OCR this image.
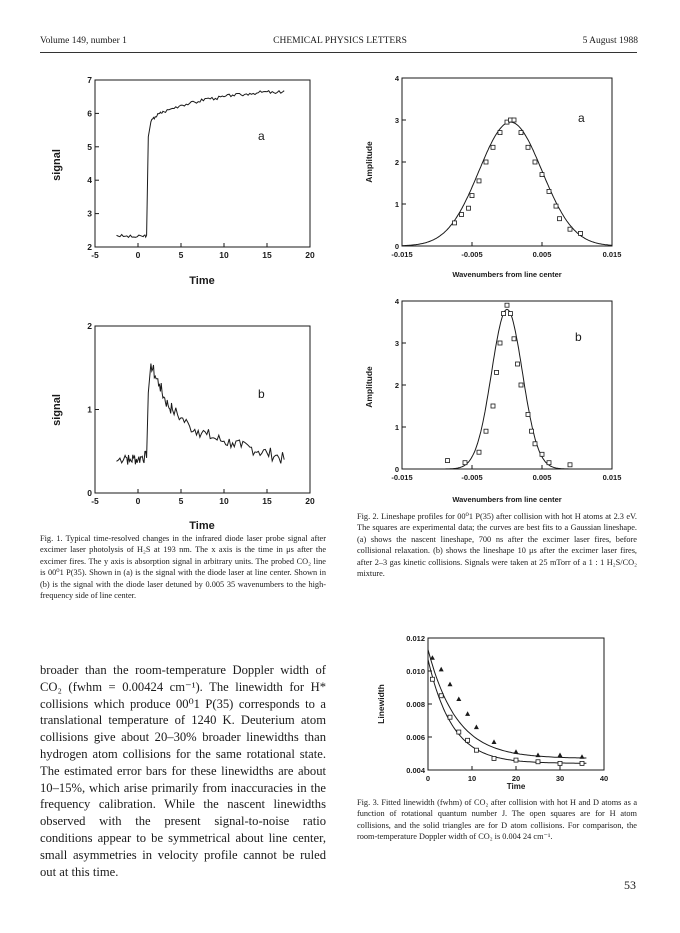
Volume 149, number 1	CHEMICAL PHYSICS LETTERS	5 August 1988
-5	0	5	10	15	20
2
3
4
5
6
7
a
signal
Time
-5	0	5	10	15	20
0
1
2
b
signal
Time
-0.015	-0.005	0.005	0.015
0
1
2
3
4
a
Amplitude
Wavenumbers from line center
-0.015	-0.005	0.005	0.015
0
1
2
3
4
b
Amplitude
Wavenumbers from line center
0	10	20	30	40
0.004
0.006
0.008
0.010
0.012
Linewidth
Time

Fig. 1. Typical time-resolved changes in the infrared diode laser probe signal after excimer laser photolysis of H₂S at 193 nm. The x axis is the time in μs after the excimer fires. The y axis is absorption signal in arbitrary units. The probed CO₂ line is 00⁰1 P(35). Shown in (a) is the signal with the diode laser at line center. Shown in (b) is the signal with the diode laser detuned by 0.005 35 wavenumbers to the high-frequency side of line center.

Fig. 2. Lineshape profiles for 00⁰1 P(35) after collision with hot H atoms at 2.3 eV. The squares are experimental data; the curves are best fits to a Gaussian lineshape. (a) shows the nascent lineshape, 700 ns after the excimer laser fires, before collisional relaxation. (b) shows the lineshape 10 μs after the excimer laser fires, after 2–3 gas kinetic collisions. Signals were taken at 25 mTorr of a 1 : 1 H₂S/CO₂ mixture.

Fig. 3. Fitted linewidth (fwhm) of CO₂ after collision with hot H and D atoms as a function of rotational quantum number J. The open squares are for H atom collisions, and the solid triangles are for D atom collisions. For comparison, the room-temperature Doppler width of CO₂ is 0.004 24 cm⁻¹.

broader than the room-temperature Doppler width of CO₂ (fwhm = 0.00424 cm⁻¹). The linewidth for H* collisions which produce 00⁰1 P(35) corresponds to a translational temperature of 1240 K. Deuterium atom collisions give about 20–30% broader linewidths than hydrogen atom collisions for the same rotational state. The estimated error bars for these linewidths are about 10–15%, which arise primarily from inaccuracies in the frequency calibration. While the nascent linewidths observed with the present signal-to-noise ratio conditions appear to be symmetrical about line center, small asymmetries in velocity profile cannot be ruled out at this time.

53
